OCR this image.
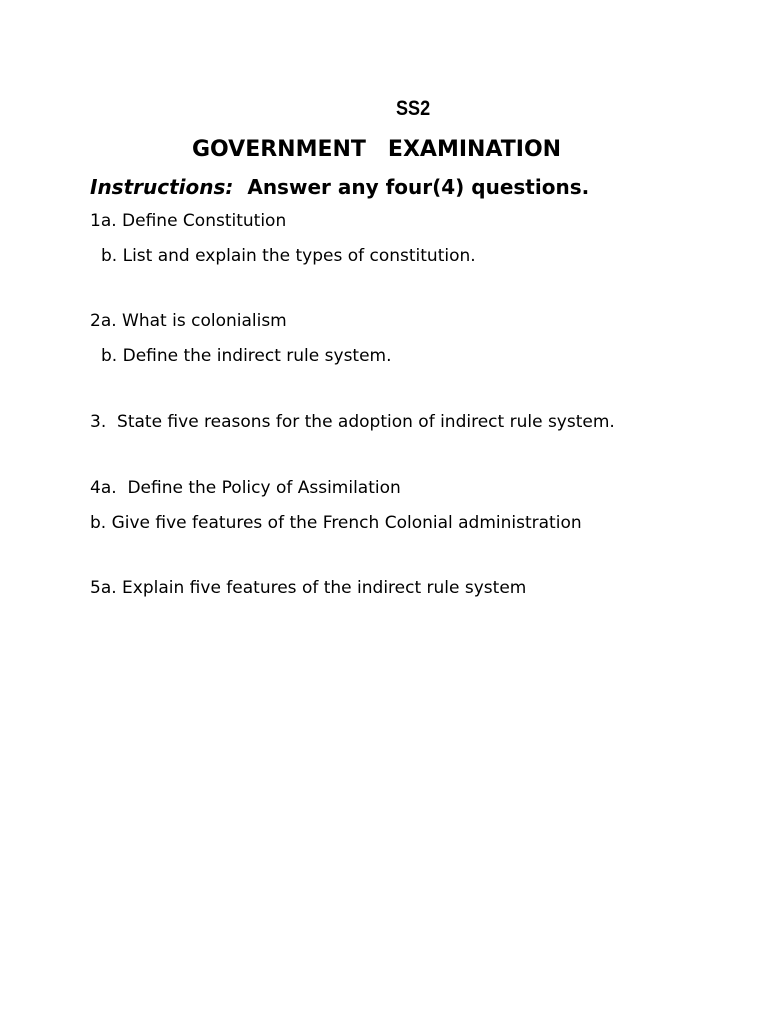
SS2
GOVERNMENT EXAMINATION
Instructions: Answer any four(4) questions.
1a. Define Constitution
b. List and explain the types of constitution.
2a. What is colonialism
b. Define the indirect rule system.
3.  State five reasons for the adoption of indirect rule system.
4a.  Define the Policy of Assimilation
b. Give five features of the French Colonial administration
5a. Explain five features of the indirect rule system
